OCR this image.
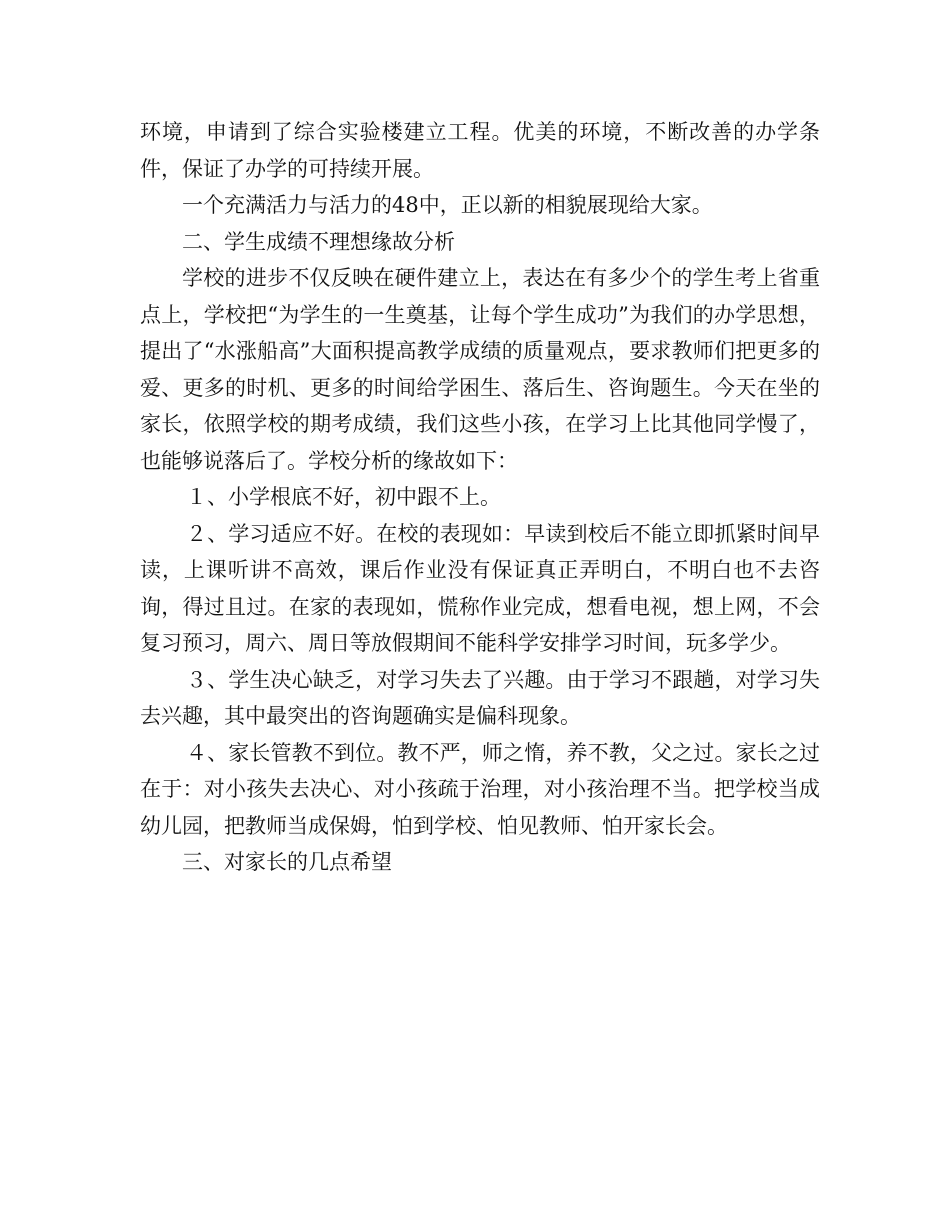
环境，申请到了综合实验楼建立工程。优美的环境，不断改善的办学条件，保证了办学的可持续开展。

一个充满活力与活力的48中，正以新的相貌展现给大家。

二、学生成绩不理想缘故分析

学校的进步不仅反映在硬件建立上，表达在有多少个的学生考上省重点上，学校把“为学生的一生奠基，让每个学生成功”为我们的办学思想，提出了“水涨船高”大面积提高教学成绩的质量观点，要求教师们把更多的爱、更多的时机、更多的时间给学困生、落后生、咨询题生。今天在坐的家长，依照学校的期考成绩，我们这些小孩，在学习上比其他同学慢了，也能够说落后了。学校分析的缘故如下：

１、小学根底不好，初中跟不上。

２、学习适应不好。在校的表现如：早读到校后不能立即抓紧时间早读，上课听讲不高效，课后作业没有保证真正弄明白，不明白也不去咨询，得过且过。在家的表现如，慌称作业完成，想看电视，想上网，不会复习预习，周六、周日等放假期间不能科学安排学习时间，玩多学少。

３、学生决心缺乏，对学习失去了兴趣。由于学习不跟趟，对学习失去兴趣，其中最突出的咨询题确实是偏科现象。

４、家长管教不到位。教不严，师之惰，养不教，父之过。家长之过在于：对小孩失去决心、对小孩疏于治理，对小孩治理不当。把学校当成幼儿园，把教师当成保姆，怕到学校、怕见教师、怕开家长会。

三、对家长的几点希望
